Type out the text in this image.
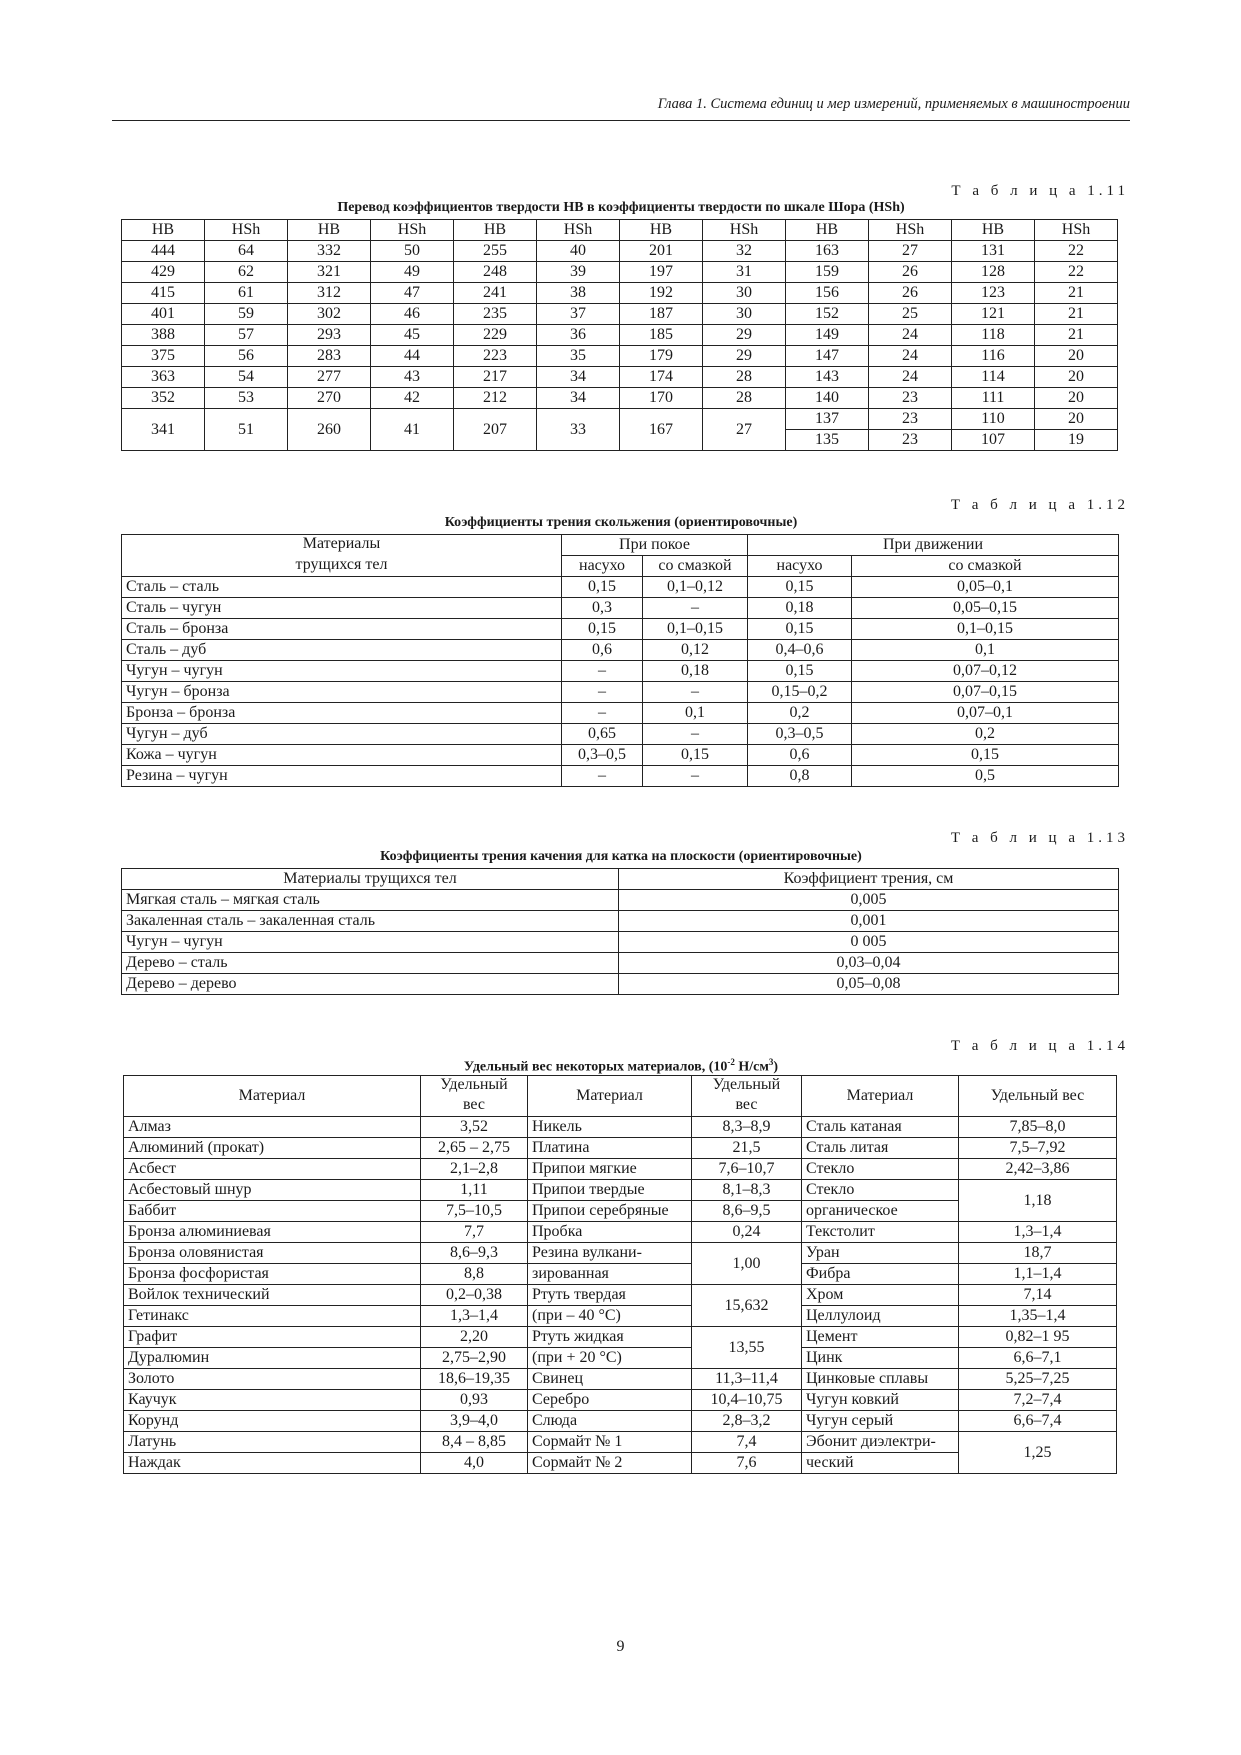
Глава 1. Система единиц и мер измерений, применяемых в машиностроении
Т а б л и ц а 1.11
Перевод коэффициентов твердости HB в коэффициенты твердости по шкале Шора (HSh)
HB	HSh	HB	HSh	HB	HSh	HB	HSh	HB	HSh	HB	HSh
444	64	332	50	255	40	201	32	163	27	131	22
429	62	321	49	248	39	197	31	159	26	128	22
415	61	312	47	241	38	192	30	156	26	123	21
401	59	302	46	235	37	187	30	152	25	121	21
388	57	293	45	229	36	185	29	149	24	118	21
375	56	283	44	223	35	179	29	147	24	116	20
363	54	277	43	217	34	174	28	143	24	114	20
352	53	270	42	212	34	170	28	140	23	111	20
341	51	260	41	207	33	167	27	137	23	110	20
								135	23	107	19
Т а б л и ц а 1.12
Коэффициенты трения скольжения (ориентировочные)
Материалы	При покое		При движении	
трущихся тел	насухо	со смазкой	насухо	со смазкой
Сталь – сталь	0,15	0,1–0,12	0,15	0,05–0,1
Сталь – чугун	0,3	–	0,18	0,05–0,15
Сталь – бронза	0,15	0,1–0,15	0,15	0,1–0,15
Сталь – дуб	0,6	0,12	0,4–0,6	0,1
Чугун – чугун	–	0,18	0,15	0,07–0,12
Чугун – бронза	–	–	0,15–0,2	0,07–0,15
Бронза – бронза	–	0,1	0,2	0,07–0,1
Чугун – дуб	0,65	–	0,3–0,5	0,2
Кожа – чугун	0,3–0,5	0,15	0,6	0,15
Резина – чугун	–	–	0,8	0,5
Т а б л и ц а 1.13
Коэффициенты трения качения для катка на плоскости (ориентировочные)
Материалы трущихся тел	Коэффициент трения, см
Мягкая сталь – мягкая сталь	0,005
Закаленная сталь – закаленная сталь	0,001
Чугун – чугун	0 005
Дерево – сталь	0,03–0,04
Дерево – дерево	0,05–0,08
Т а б л и ц а 1.14
Удельный вес некоторых материалов, ($10^{-2}$ $Н/см^3$)
Материал	Удельный	Материал	Удельный	Материал	Удельный вес
	вес		вес		
Алмаз	3,52	Никель	8,3–8,9	Сталь катаная	7,85–8,0
Алюминий (прокат)	2,65 – 2,75	Платина	21,5	Сталь литая	7,5–7,92
Асбест	2,1–2,8	Припои мягкие	7,6–10,7	Стекло	2,42–3,86
Асбестовый шнур	1,11	Припои твердые	8,1–8,3	Стекло	1,18
Баббит	7,5–10,5	Припои серебряные	8,6–9,5	органическое	
Бронза алюминиевая	7,7	Пробка	0,24	Текстолит	1,3–1,4
Бронза оловянистая	8,6–9,3	Резина вулкани-	1,00	Уран	18,7
Бронза фосфористая	8,8	зированная		Фибра	1,1–1,4
Войлок технический	0,2–0,38	Ртуть твердая	15,632	Хром	7,14
Гетинакс	1,3–1,4	(при – 40 °С)		Целлулоид	1,35–1,4
Графит	2,20	Ртуть жидкая	13,55	Цемент	0,82–1 95
Дуралюмин	2,75–2,90	(при + 20 °С)		Цинк	6,6–7,1
Золото	18,6–19,35	Свинец	11,3–11,4	Цинковые сплавы	5,25–7,25
Каучук	0,93	Серебро	10,4–10,75	Чугун ковкий	7,2–7,4
Корунд	3,9–4,0	Слюда	2,8–3,2	Чугун серый	6,6–7,4
Латунь	8,4 – 8,85	Сормайт № 1	7,4	Эбонит диэлектри-	1,25
Наждак	4,0	Сормайт № 2	7,6	ческий	
9
